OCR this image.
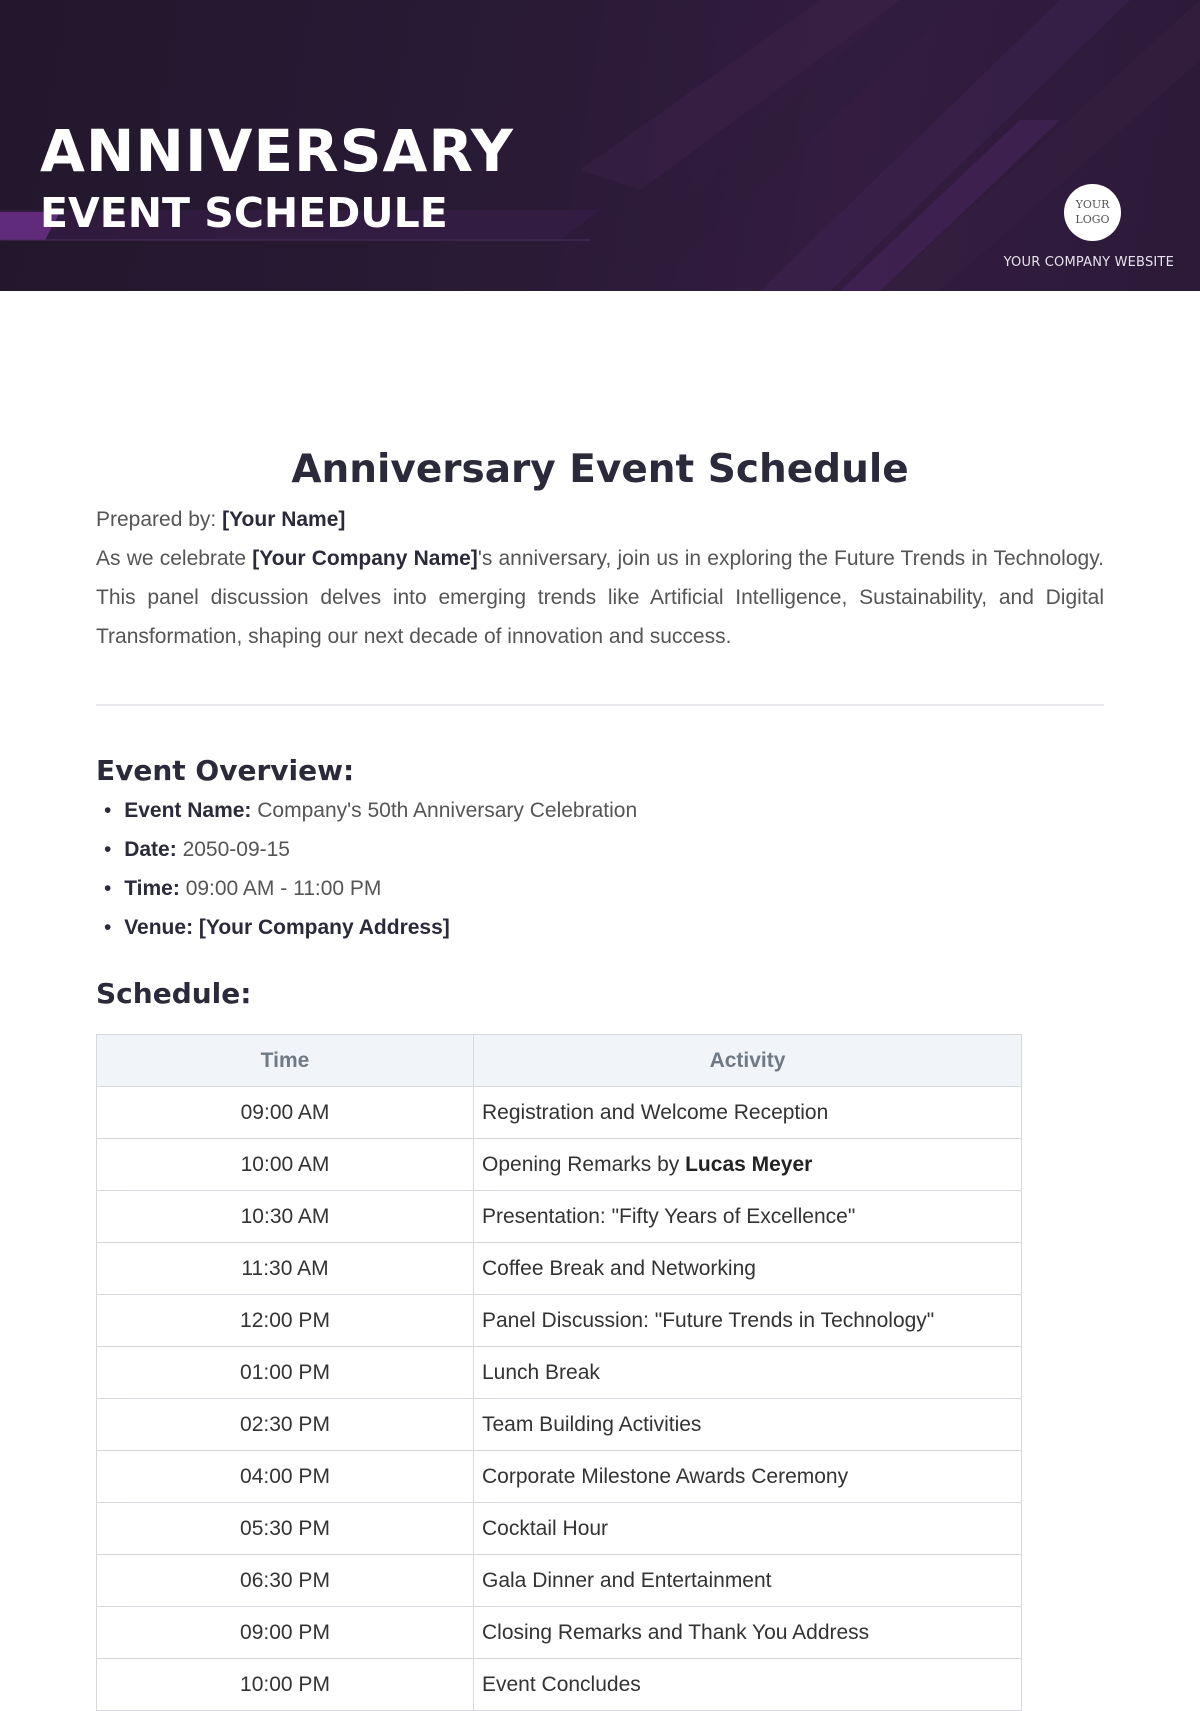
ANNIVERSARY
EVENT SCHEDULE	YOUR
LOGO
YOUR COMPANY WEBSITE
Anniversary Event Schedule

Prepared by: [Your Name]

As we celebrate [Your Company Name]'s anniversary, join us in exploring the Future Trends in Technology. This panel discussion delves into emerging trends like Artificial Intelligence, Sustainability, and Digital Transformation, shaping our next decade of innovation and success.

Event Overview:
• Event Name: Company's 50th Anniversary Celebration
• Date: 2050-09-15
• Time: 09:00 AM - 11:00 PM
• Venue: [Your Company Address]
Schedule:
Time	Activity
09:00 AM	Registration and Welcome Reception
10:00 AM	Opening Remarks by Lucas Meyer
10:30 AM	Presentation: "Fifty Years of Excellence"
11:30 AM	Coffee Break and Networking
12:00 PM	Panel Discussion: "Future Trends in Technology"
01:00 PM	Lunch Break
02:30 PM	Team Building Activities
04:00 PM	Corporate Milestone Awards Ceremony
05:30 PM	Cocktail Hour
06:30 PM	Gala Dinner and Entertainment
09:00 PM	Closing Remarks and Thank You Address
10:00 PM	Event Concludes
